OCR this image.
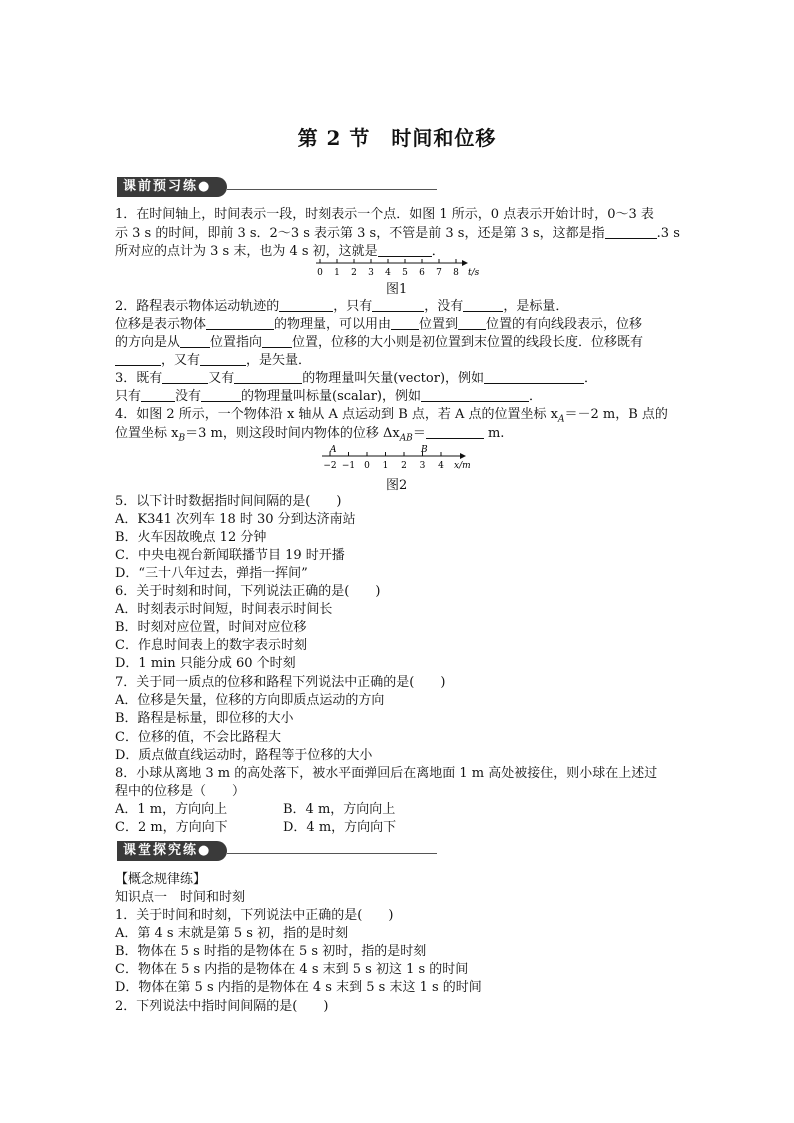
第 2 节　时间和位移
课前预习练●
1．在时间轴上，时间表示一段，时刻表示一个点．如图 1 所示，0 点表示开始计时，0～3 表
示 3 s 的时间，即前 3 s．2～3 s 表示第 3 s，不管是前 3 s，还是第 3 s，这都是指	.3 s
所对应的点计为 3 s 末，也为 4 s 初，这就是	．
0 1 2 3 4 5 6 7 8 t/s
图1
2．路程表示物体运动轨迹的	，只有	，没有	，是标量．
位移是表示物体	的物理量，可以用由 位置到 位置的有向线段表示，位移
的方向是从 位置指向 位置，位移的大小则是初位置到末位置的线段长度．位移既有
，又有	，是矢量．
3．既有	又有	的物理量叫矢量(vector)，例如	．
只有	没有	的物理量叫标量(scalar)，例如	．
4．如图 2 所示，一个物体沿 x 轴从 A 点运动到 B 点，若 A 点的位置坐标 $x_A=-2$ m，B 点的
位置坐标 $x_B=3$ m，则这段时间内物体的位移 $\Delta x_{AB}=$	m.
−2 −1 0 1 2 3 4
A	B
x/m
图2
5．以下计时数据指时间间隔的是(　　)
A．K341 次列车 18 时 30 分到达济南站
B．火车因故晚点 12 分钟
C．中央电视台新闻联播节目 19 时开播
D．“三十八年过去，弹指一挥间”
6．关于时刻和时间，下列说法正确的是(　　)
A．时刻表示时间短，时间表示时间长
B．时刻对应位置，时间对应位移
C．作息时间表上的数字表示时刻
D．1 min 只能分成 60 个时刻
7．关于同一质点的位移和路程下列说法中正确的是(　　)
A．位移是矢量，位移的方向即质点运动的方向
B．路程是标量，即位移的大小
C．位移的值，不会比路程大
D．质点做直线运动时，路程等于位移的大小
8．小球从离地 3 m 的高处落下，被水平面弹回后在离地面 1 m 高处被接住，则小球在上述过
程中的位移是（　　）
A．1 m，方向向上	B．4 m，方向向上
C．2 m，方向向下	D．4 m，方向向下
课堂探究练●
【概念规律练】
知识点一　时间和时刻
1．关于时间和时刻，下列说法中正确的是(　　)
A．第 4 s 末就是第 5 s 初，指的是时刻
B．物体在 5 s 时指的是物体在 5 s 初时，指的是时刻
C．物体在 5 s 内指的是物体在 4 s 末到 5 s 初这 1 s 的时间
D．物体在第 5 s 内指的是物体在 4 s 末到 5 s 末这 1 s 的时间
2．下列说法中指时间间隔的是(　　)
